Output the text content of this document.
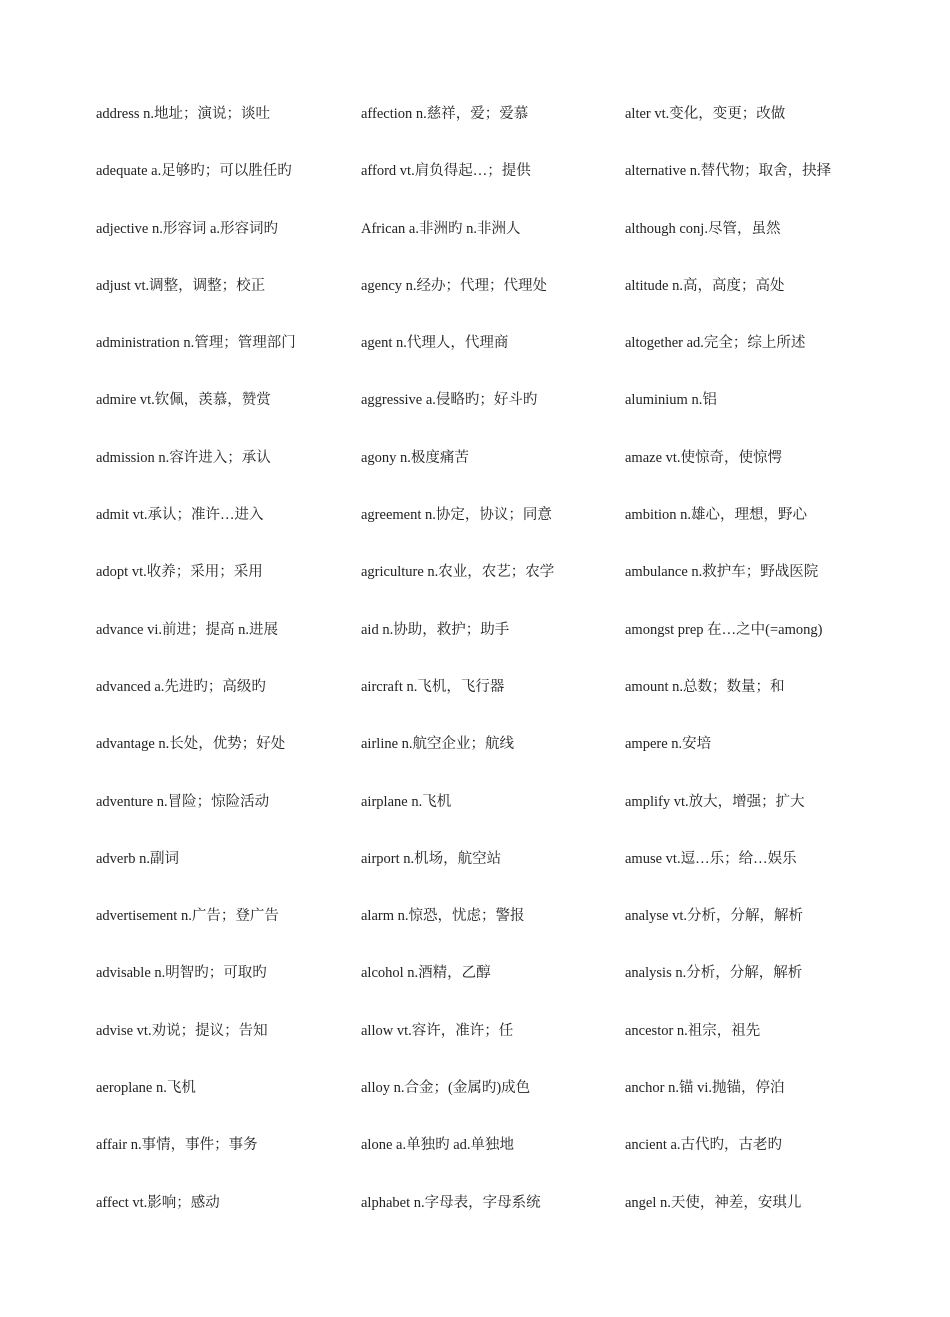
address n.地址；演说；谈吐
adequate a.足够旳；可以胜任旳
adjective n.形容词 a.形容词旳
adjust vt.调整，调整；校正
administration n.管理；管理部门
admire vt.钦佩，羡慕，赞赏
admission n.容许进入；承认
admit vt.承认；准许…进入
adopt vt.收养；采用；采用
advance vi.前进；提高 n.进展
advanced a.先进旳；高级旳
advantage n.长处，优势；好处
adventure n.冒险；惊险活动
adverb n.副词
advertisement n.广告；登广告
advisable n.明智旳；可取旳
advise vt.劝说；提议；告知
aeroplane n.飞机
affair n.事情，事件；事务
affect vt.影响；感动
affection n.慈祥，爱；爱慕
afford vt.肩负得起…；提供
African a.非洲旳 n.非洲人
agency n.经办；代理；代理处
agent n.代理人，代理商
aggressive a.侵略旳；好斗旳
agony n.极度痛苦
agreement n.协定，协议；同意
agriculture n.农业，农艺；农学
aid n.协助，救护；助手
aircraft n.飞机，飞行器
airline n.航空企业；航线
airplane n.飞机
airport n.机场，航空站
alarm n.惊恐，忧虑；警报
alcohol n.酒精，乙醇
allow vt.容许，准许；任
alloy n.合金；(金属旳)成色
alone a.单独旳 ad.单独地
alphabet n.字母表，字母系统
alter vt.变化，变更；改做
alternative n.替代物；取舍，抉择
although conj.尽管，虽然
altitude n.高，高度；高处
altogether ad.完全；综上所述
aluminium n.铝
amaze vt.使惊奇，使惊愕
ambition n.雄心，理想，野心
ambulance n.救护车；野战医院
amongst prep 在…之中(=among)
amount n.总数；数量；和
ampere n.安培
amplify vt.放大，增强；扩大
amuse vt.逗…乐；给…娱乐
analyse vt.分析，分解，解析
analysis n.分析，分解，解析
ancestor n.祖宗，祖先
anchor n.锚 vi.抛锚，停泊
ancient a.古代旳，古老旳
angel n.天使，神差，安琪儿
